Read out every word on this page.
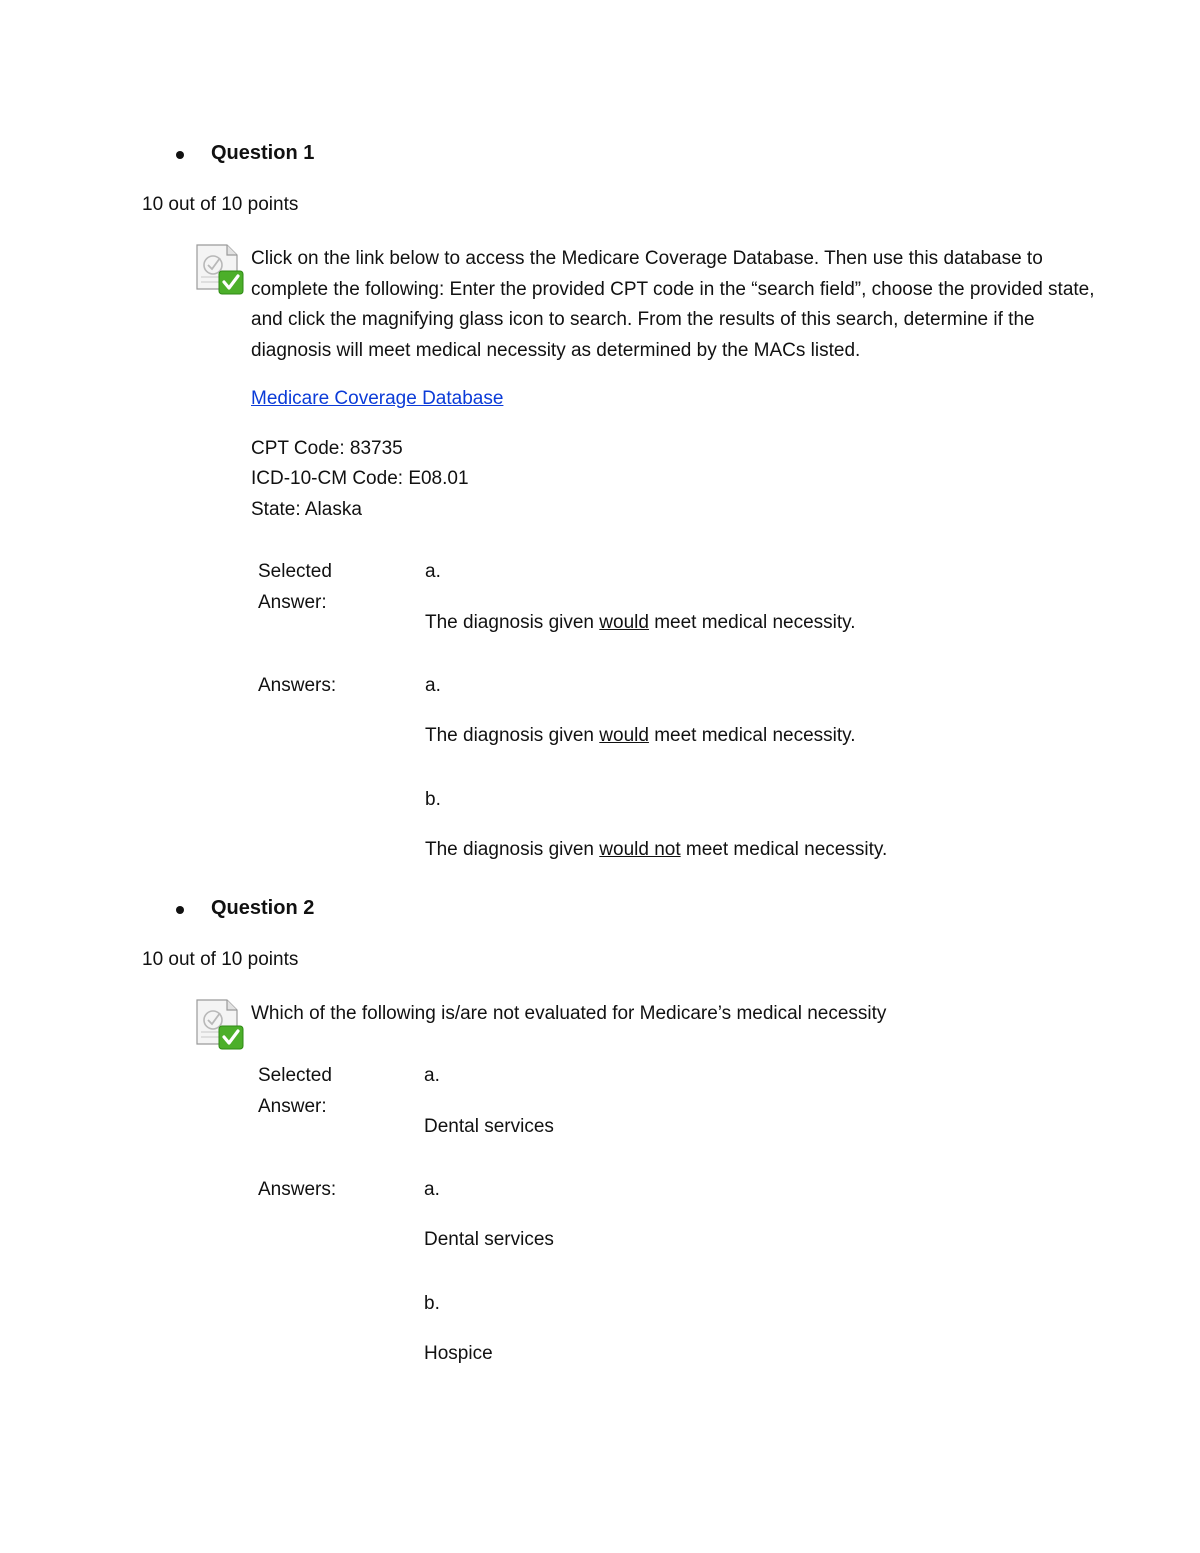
Question 1
10 out of 10 points
Click on the link below to access the Medicare Coverage Database. Then use this database to complete the following: Enter the provided CPT code in the “search field”, choose the provided state, and click the magnifying glass icon to search. From the results of this search, determine if the diagnosis will meet medical necessity as determined by the MACs listed.
Medicare Coverage Database
CPT Code: 83735
ICD-10-CM Code: E08.01
State: Alaska
Selected
Answer:
a.
The diagnosis given would meet medical necessity.
Answers:	a.
The diagnosis given would meet medical necessity.
b.
The diagnosis given would not meet medical necessity.
Question 2
10 out of 10 points
Which of the following is/are not evaluated for Medicare’s medical necessity
Selected
Answer:
a.
Dental services
Answers:	a.
Dental services
b.
Hospice
